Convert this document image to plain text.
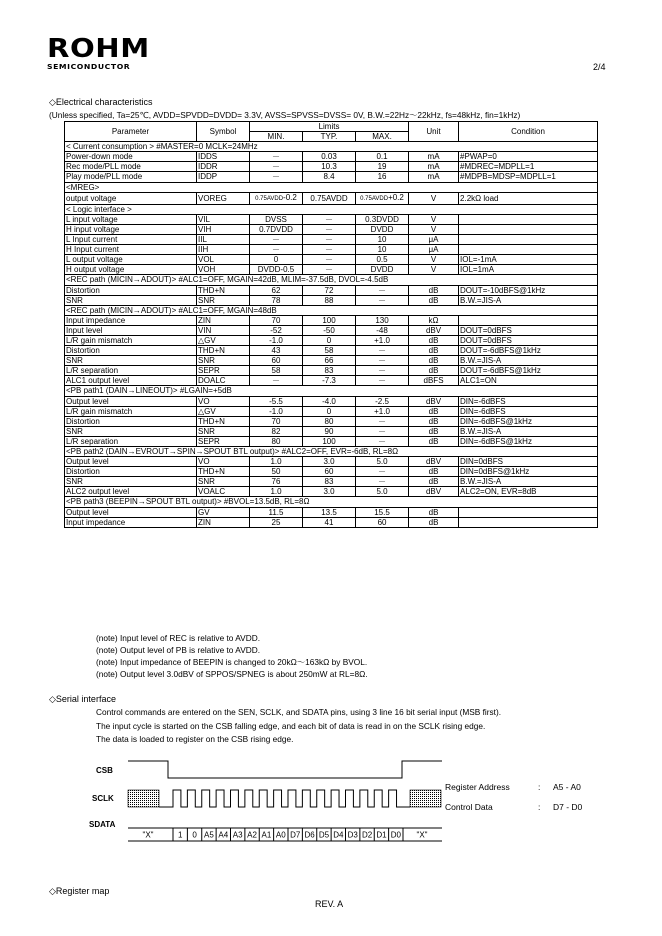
ROHM
SEMICONDUCTOR	2/4
◇Electrical characteristics
(Unless specified, Ta=25℃, AVDD=SPVDD=DVDD= 3.3V, AVSS=SPVSS=DVSS= 0V, B.W.=22Hz～22kHz, fs=48kHz, fin=1kHz)
Parameter	Symbol	Limits			Unit	Condition
		MIN.	TYP.	MAX.		
< Current consumption > #MASTER=0 MCLK=24MHz						
Power-down mode	IDDS	－	0.03	0.1	mA	#PWAP=0
Rec mode/PLL mode	IDDR	－	10.3	19	mA	#MDREC=MDPLL=1
Play mode/PLL mode	IDDP	－	8.4	16	mA	#MDPB=MDSP=MDPLL=1
<MREG>						
output voltage	VOREG	0.75AVDD-0.2	0.75AVDD	0.75AVDD+0.2	V	2.2kΩ load
< Logic interface >						
L input voltage	VIL	DVSS	－	0.3DVDD	V	
H input voltage	VIH	0.7DVDD	－	DVDD	V	
L Input current	IIL	－	－	10	μA	
H Input current	IIH	－	－	10	μA	
L output voltage	VOL	0	－	0.5	V	IOL=-1mA
H output voltage	VOH	DVDD-0.5	－	DVDD	V	IOL=1mA
<REC path (MICIN→ADOUT)> #ALC1=OFF, MGAIN=42dB, MLIM=-37.5dB, DVOL=-4.5dB						
Distortion	THD+N	62	72	－	dB	DOUT=-10dBFS@1kHz
SNR	SNR	78	88	－	dB	B.W.=JIS-A
<REC path (MICIN→ADOUT)> #ALC1=OFF, MGAIN=48dB						
Input impedance	ZIN	70	100	130	kΩ	
Input level	VIN	-52	-50	-48	dBV	DOUT=0dBFS
L/R gain mismatch	△GV	-1.0	0	+1.0	dB	DOUT=0dBFS
Distortion	THD+N	43	58	－	dB	DOUT=-6dBFS@1kHz
SNR	SNR	60	66	－	dB	B.W.=JIS-A
L/R separation	SEPR	58	83	－	dB	DOUT=-6dBFS@1kHz
ALC1 output level	DOALC	－	-7.3	－	dBFS	ALC1=ON
<PB path1 (DAIN→LINEOUT)> #LGAIN=+5dB						
Output level	VO	-5.5	-4.0	-2.5	dBV	DIN=-6dBFS
L/R gain mismatch	△GV	-1.0	0	+1.0	dB	DIN=-6dBFS
Distortion	THD+N	70	80	－	dB	DIN=-6dBFS@1kHz
SNR	SNR	82	90	－	dB	B.W.=JIS-A
L/R separation	SEPR	80	100	－	dB	DIN=-6dBFS@1kHz
<PB path2 (DAIN→EVROUT→SPIN→SPOUT BTL output)> #ALC2=OFF, EVR=-6dB, RL=8Ω						
Output level	VO	1.0	3.0	5.0	dBV	DIN=0dBFS
Distortion	THD+N	50	60	－	dB	DIN=0dBFS@1kHz
SNR	SNR	76	83	－	dB	B.W.=JIS-A
ALC2 output level	VOALC	1.0	3.0	5.0	dBV	ALC2=ON, EVR=8dB
<PB path3 (BEEPIN→SPOUT BTL output)> #BVOL=13.5dB, RL=8Ω						
Output level	GV	11.5	13.5	15.5	dB	
Input impedance	ZIN	25	41	60	dB	
(note) Input level of REC is relative to AVDD.
(note) Output level of PB is relative to AVDD.
(note) Input impedance of BEEPIN is changed to 20kΩ～163kΩ by BVOL.
(note) Output level 3.0dBV of SPPOS/SPNEG is about 250mW at RL=8Ω.
◇Serial interface
Control commands are entered on the SEN, SCLK, and SDATA pins, using 3 line 16 bit serial input (MSB first).
The input cycle is started on the CSB falling edge, and each bit of data is read in on the SCLK rising edge.
The data is loaded to register on the CSB rising edge.
CSB
SCLK
SDATA
1 0 A5 A4 A3 A2 A1 A0 D7 D6 D5 D4 D3 D2 D1 D0
"X"	"X"
Register Address	: A5 - A0
Control Data	: D7 - D0
◇Register map
REV. A
